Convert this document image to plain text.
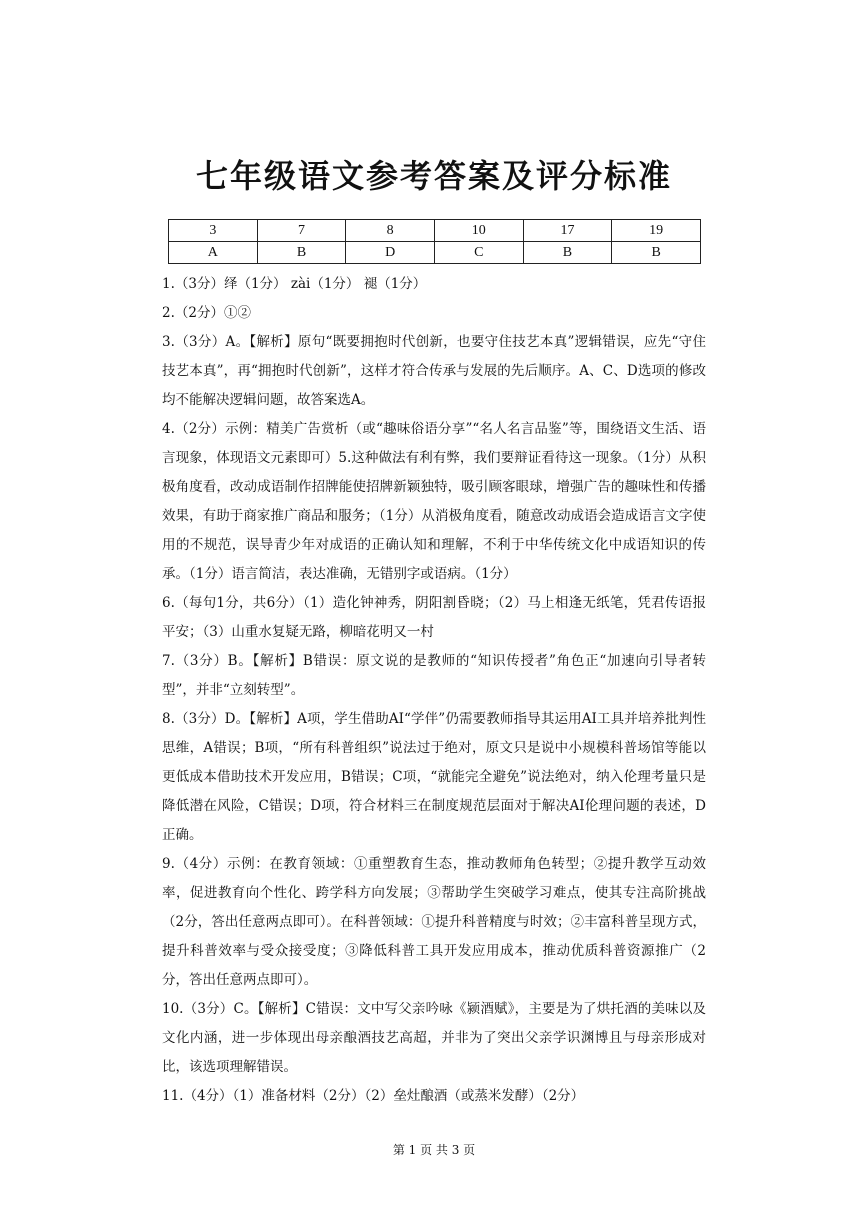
七年级语文参考答案及评分标准
3	7	8	10	17	19
A	B	D	C	B	B

1.（3分）绎（1分） zài（1分） 褪（1分）

2.（2分）①②

3.（3分）A。【解析】原句“既要拥抱时代创新，也要守住技艺本真”逻辑错误，应先“守住技艺本真”，再“拥抱时代创新”，这样才符合传承与发展的先后顺序。A、C、D选项的修改均不能解决逻辑问题，故答案选A。

4.（2分）示例：精美广告赏析（或“趣味俗语分享”“名人名言品鉴”等，围绕语文生活、语言现象，体现语文元素即可）5.这种做法有利有弊，我们要辩证看待这一现象。（1分）从积极角度看，改动成语制作招牌能使招牌新颖独特，吸引顾客眼球，增强广告的趣味性和传播效果，有助于商家推广商品和服务；（1分）从消极角度看，随意改动成语会造成语言文字使用的不规范，误导青少年对成语的正确认知和理解，不利于中华传统文化中成语知识的传承。（1分）语言简洁，表达准确，无错别字或语病。（1分）

6.（每句1分，共6分）（1）造化钟神秀，阴阳割昏晓；（2）马上相逢无纸笔，凭君传语报平安；（3）山重水复疑无路，柳暗花明又一村

7.（3分）B。【解析】B错误：原文说的是教师的“知识传授者”角色正“加速向引导者转型”，并非“立刻转型”。

8.（3分）D。【解析】A项，学生借助AI“学伴”仍需要教师指导其运用AI工具并培养批判性思维，A错误；B项，“所有科普组织”说法过于绝对，原文只是说中小规模科普场馆等能以更低成本借助技术开发应用，B错误；C项，“就能完全避免”说法绝对，纳入伦理考量只是降低潜在风险，C错误；D项，符合材料三在制度规范层面对于解决AI伦理问题的表述，D正确。

9.（4分）示例：在教育领域：①重塑教育生态，推动教师角色转型；②提升教学互动效率，促进教育向个性化、跨学科方向发展；③帮助学生突破学习难点，使其专注高阶挑战（2分，答出任意两点即可）。在科普领域：①提升科普精度与时效；②丰富科普呈现方式，提升科普效率与受众接受度；③降低科普工具开发应用成本，推动优质科普资源推广（2分，答出任意两点即可）。

10.（3分）C。【解析】C错误：文中写父亲吟咏《颍酒赋》，主要是为了烘托酒的美味以及文化内涵，进一步体现出母亲酿酒技艺高超，并非为了突出父亲学识渊博且与母亲形成对比，该选项理解错误。

11.（4分）（1）准备材料（2分）（2）垒灶酿酒（或蒸米发酵）（2分）

第 1 页 共 3 页
